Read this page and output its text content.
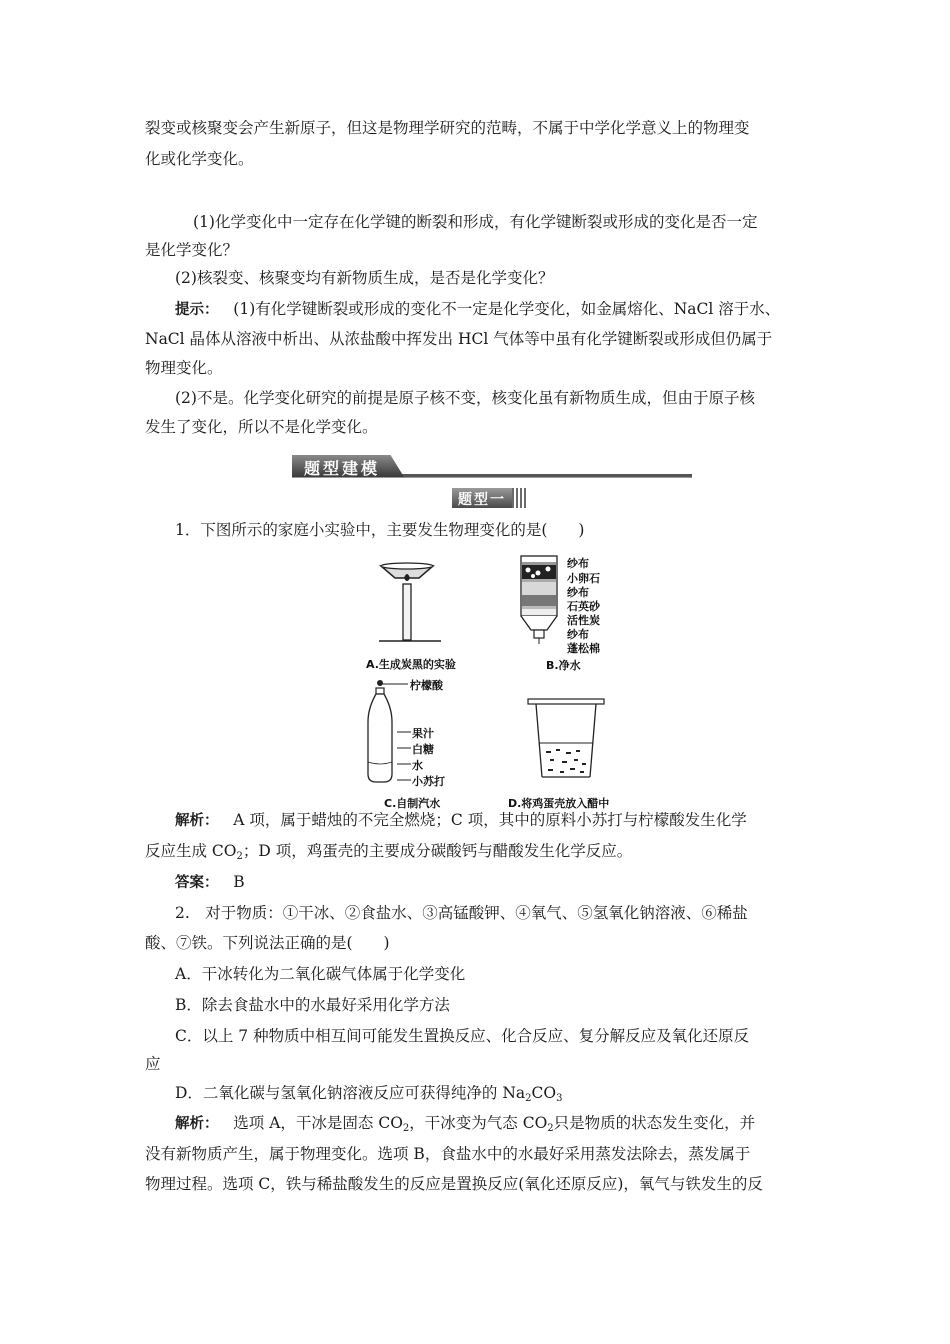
裂变或核聚变会产生新原子，但这是物理学研究的范畴，不属于中学化学意义上的物理变
化或化学变化。
(1)化学变化中一定存在化学键的断裂和形成，有化学键断裂或形成的变化是否一定
是化学变化？
(2)核裂变、核聚变均有新物质生成，是否是化学变化？
提示： (1)有化学键断裂或形成的变化不一定是化学变化，如金属熔化、NaCl 溶于水、
NaCl 晶体从溶液中析出、从浓盐酸中挥发出 HCl 气体等中虽有化学键断裂或形成但仍属于
物理变化。
(2)不是。化学变化研究的前提是原子核不变，核变化虽有新物质生成，但由于原子核
发生了变化，所以不是化学变化。
题型建模
题型一
1．下图所示的家庭小实验中，主要发生物理变化的是(　　)
A.生成炭黑的实验
纱布
小卵石
纱布
石英砂
活性炭
纱布
蓬松棉
B.净水
柠檬酸
果汁
白糖
水
小苏打
C.自制汽水	D.将鸡蛋壳放入醋中
解析： A 项，属于蜡烛的不完全燃烧；C 项，其中的原料小苏打与柠檬酸发生化学
反应生成 $CO_2$；D 项，鸡蛋壳的主要成分碳酸钙与醋酸发生化学反应。
答案： B
2.　对于物质：①干冰、②食盐水、③高锰酸钾、④氧气、⑤氢氧化钠溶液、⑥稀盐
酸、⑦铁。下列说法正确的是(　　)
A．干冰转化为二氧化碳气体属于化学变化
B．除去食盐水中的水最好采用化学方法
C．以上 7 种物质中相互间可能发生置换反应、化合反应、复分解反应及氧化还原反
应
D．二氧化碳与氢氧化钠溶液反应可获得纯净的 $Na_2CO_3$
解析： 选项 A，干冰是固态 $CO_2$，干冰变为气态 $CO_2$只是物质的状态发生变化，并
没有新物质产生，属于物理变化。选项 B，食盐水中的水最好采用蒸发法除去，蒸发属于
物理过程。选项 C，铁与稀盐酸发生的反应是置换反应(氧化还原反应)，氧气与铁发生的反
